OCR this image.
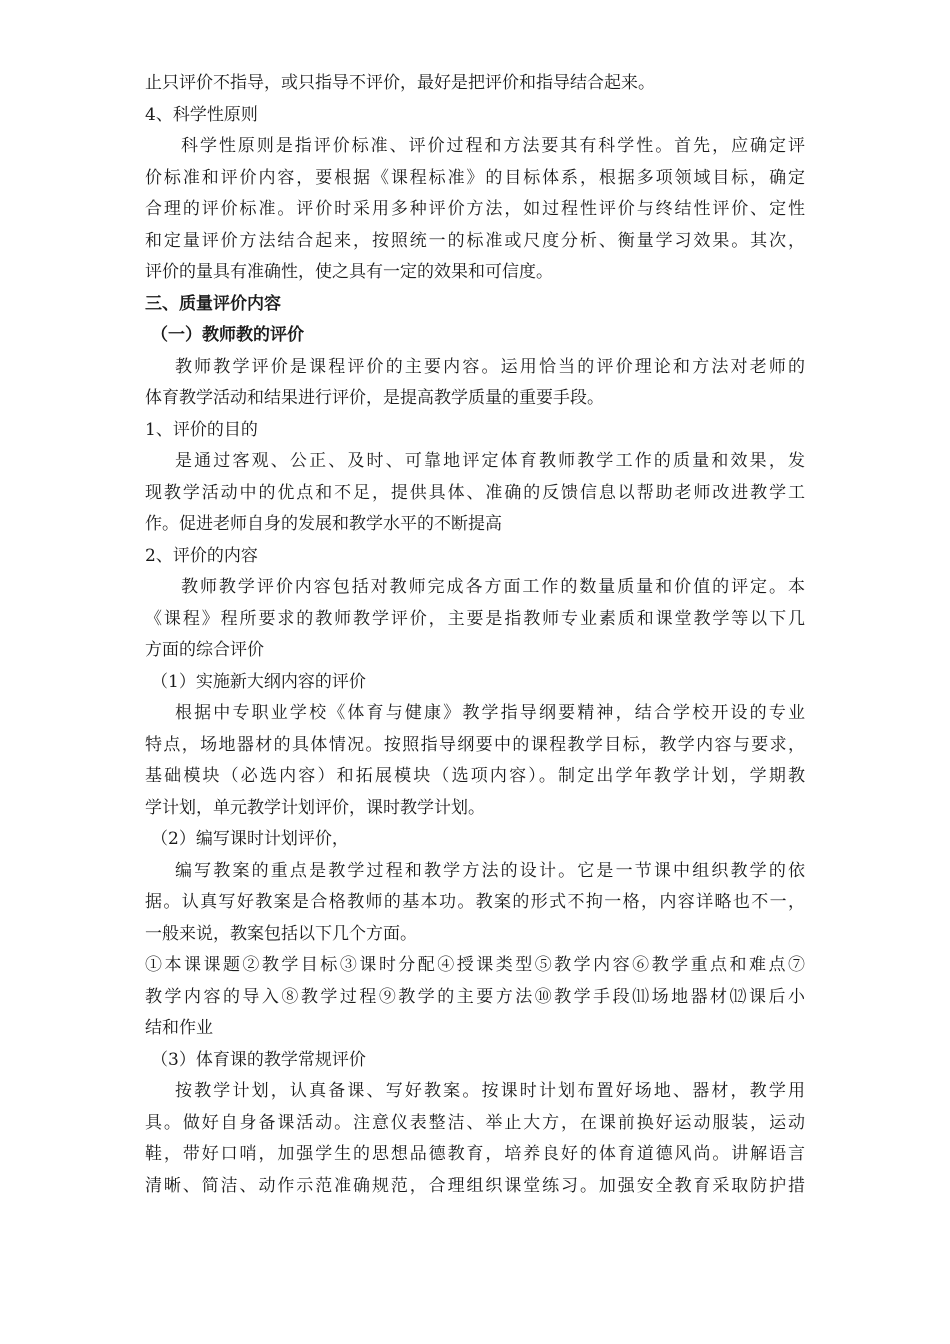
止只评价不指导，或只指导不评价，最好是把评价和指导结合起来。
4、科学性原则
科学性原则是指评价标准、评价过程和方法要其有科学性。首先，应确定评
价标准和评价内容，要根据《课程标准》的目标体系，根据多项领域目标，确定
合理的评价标准。评价时采用多种评价方法，如过程性评价与终结性评价、定性
和定量评价方法结合起来，按照统一的标准或尺度分析、衡量学习效果。其次，
评价的量具有准确性，使之具有一定的效果和可信度。
三、质量评价内容
（一）教师教的评价
教师教学评价是课程评价的主要内容。运用恰当的评价理论和方法对老师的
体育教学活动和结果进行评价，是提高教学质量的重要手段。
1、评价的目的
是通过客观、公正、及时、可靠地评定体育教师教学工作的质量和效果，发
现教学活动中的优点和不足，提供具体、准确的反馈信息以帮助老师改进教学工
作。促进老师自身的发展和教学水平的不断提高
2、评价的内容
教师教学评价内容包括对教师完成各方面工作的数量质量和价值的评定。本
《课程》程所要求的教师教学评价，主要是指教师专业素质和课堂教学等以下几
方面的综合评价
（1）实施新大纲内容的评价
根据中专职业学校《体育与健康》教学指导纲要精神，结合学校开设的专业
特点，场地器材的具体情况。按照指导纲要中的课程教学目标，教学内容与要求，
基础模块（必选内容）和拓展模块（选项内容）。制定出学年教学计划，学期教
学计划，单元教学计划评价，课时教学计划。
（2）编写课时计划评价，
编写教案的重点是教学过程和教学方法的设计。它是一节课中组织教学的依
据。认真写好教案是合格教师的基本功。教案的形式不拘一格，内容详略也不一，
一般来说，教案包括以下几个方面。
①本课课题②教学目标③课时分配④授课类型⑤教学内容⑥教学重点和难点⑦
教学内容的导入⑧教学过程⑨教学的主要方法⑩教学手段⑾场地器材⑿课后小
结和作业
（3）体育课的教学常规评价
按教学计划，认真备课、写好教案。按课时计划布置好场地、器材，教学用
具。做好自身备课活动。注意仪表整洁、举止大方，在课前换好运动服装，运动
鞋，带好口哨，加强学生的思想品德教育，培养良好的体育道德风尚。讲解语言
清晰、简洁、动作示范准确规范，合理组织课堂练习。加强安全教育采取防护措
